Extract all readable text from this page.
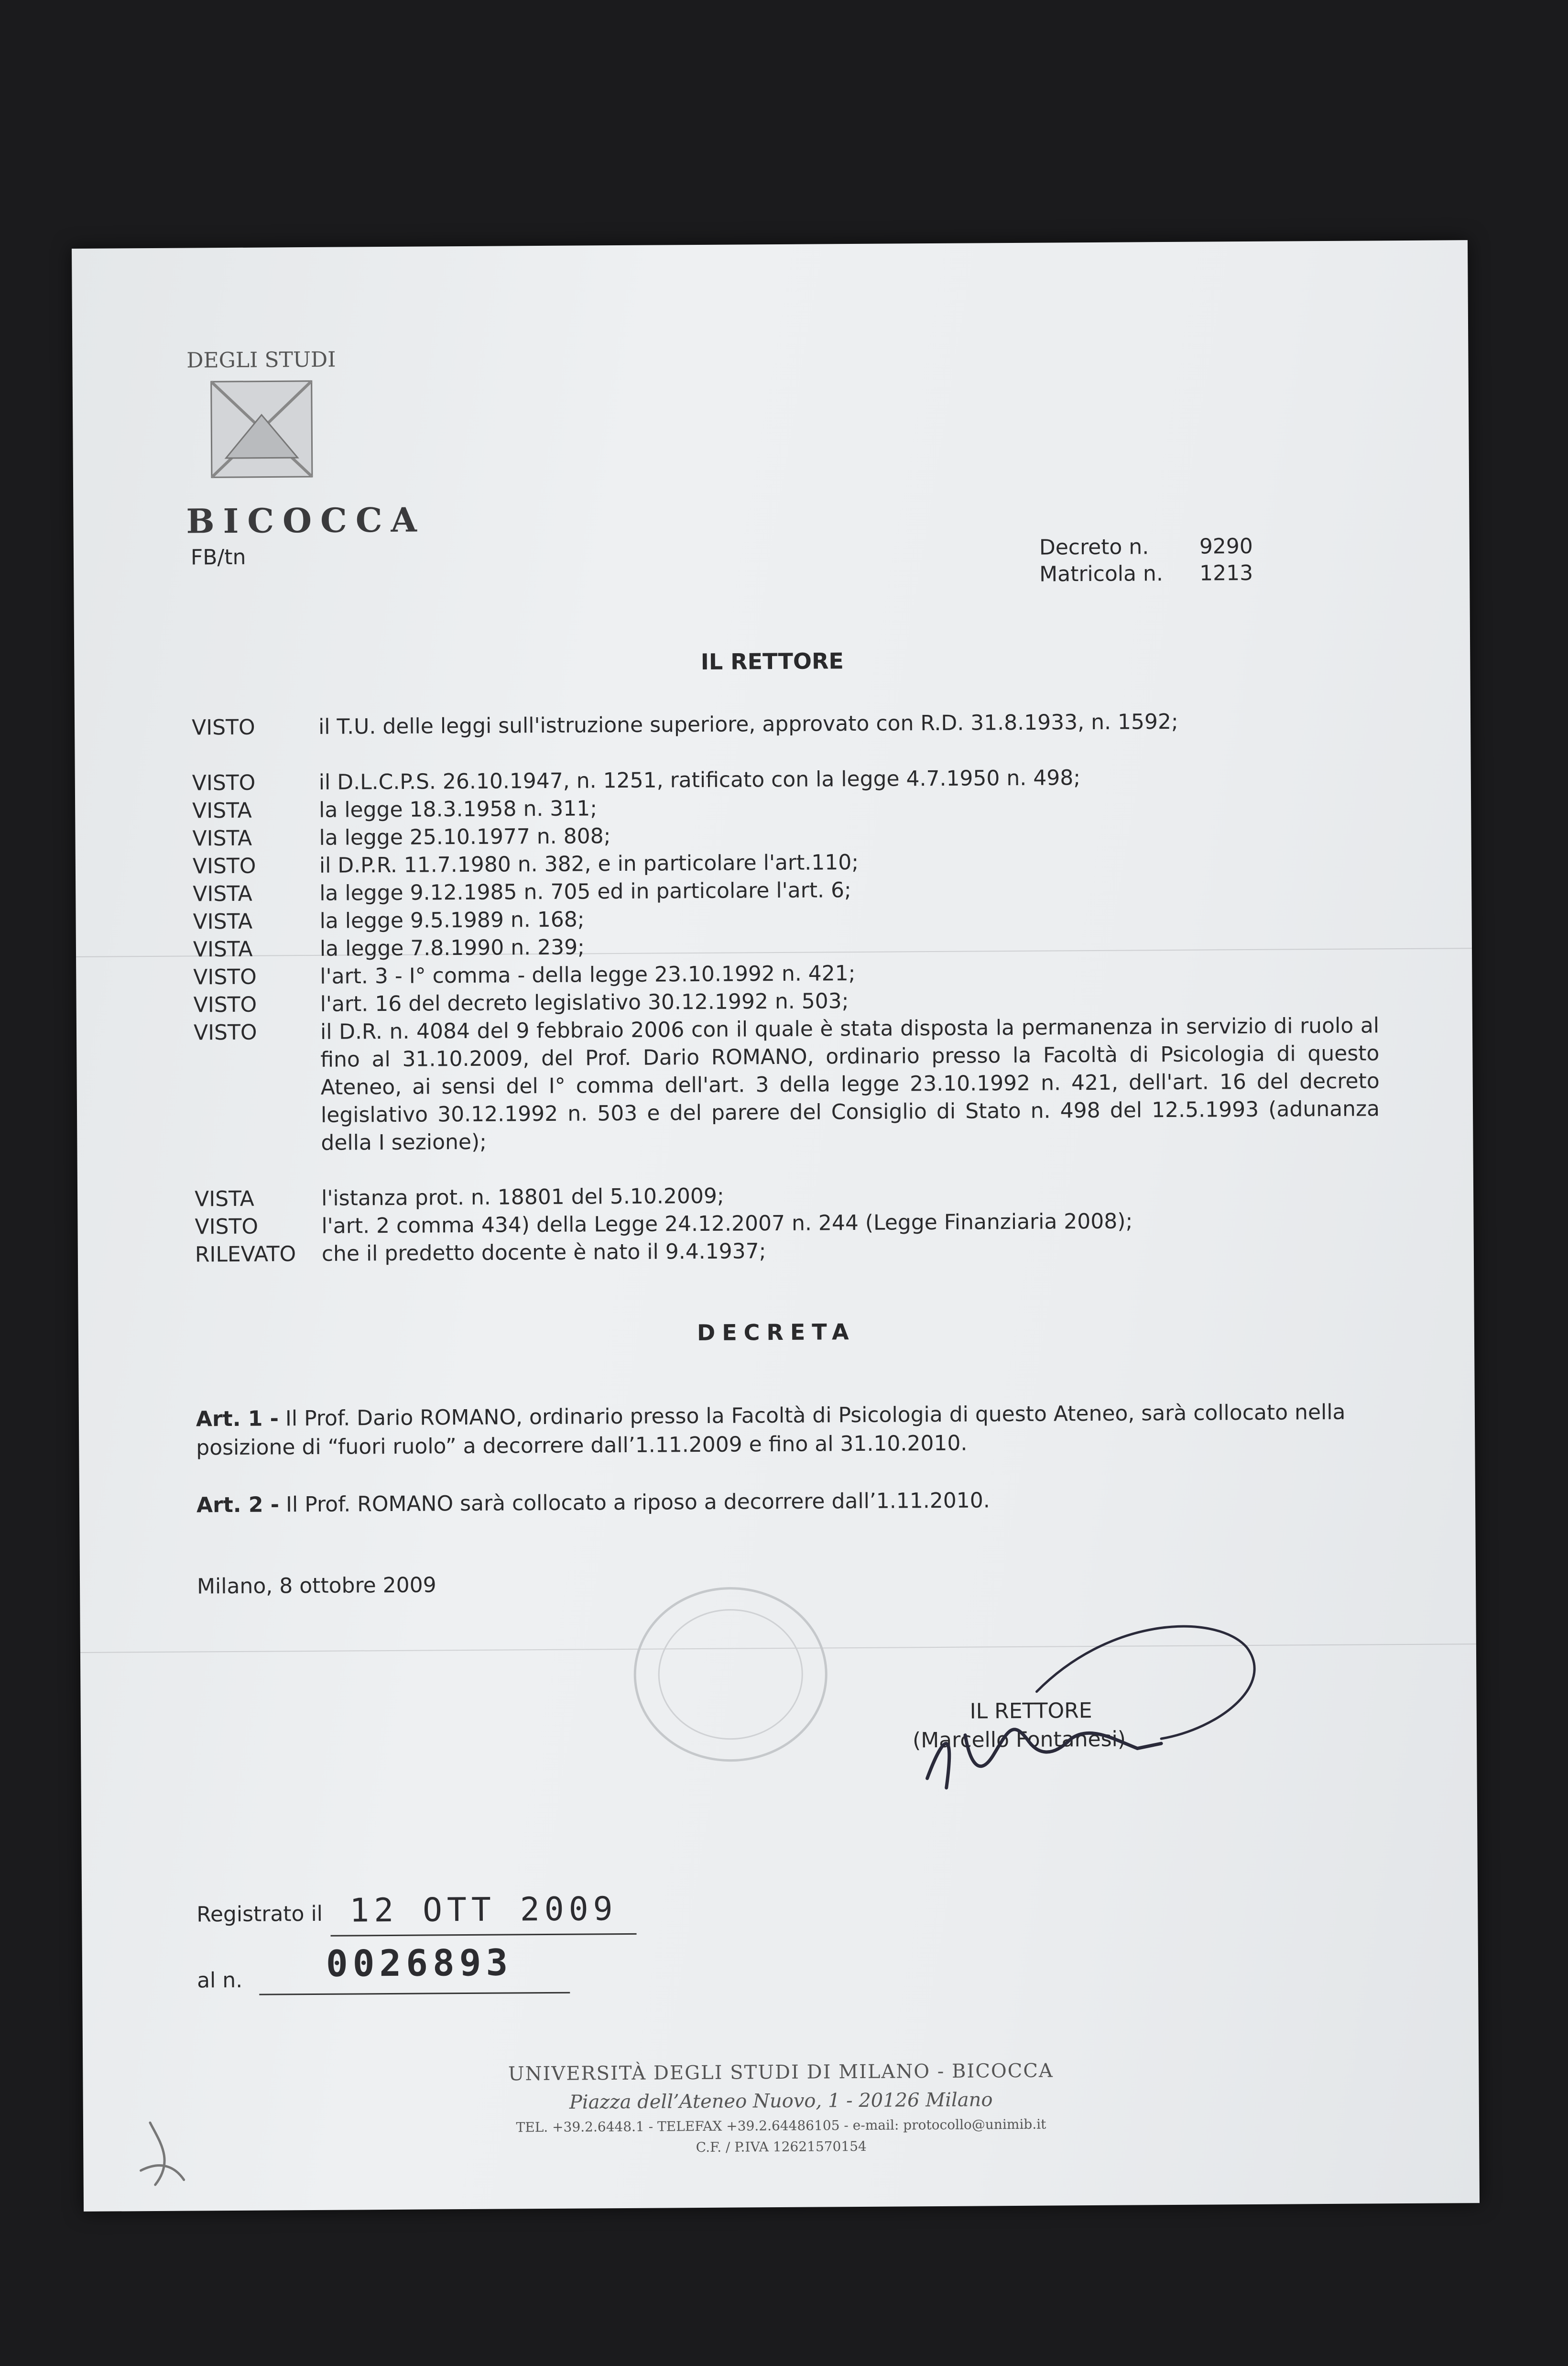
DEGLI STUDI
BICOCCA
FB/tn	Decreto n. 9290
Matricola n. 1213
IL RETTORE
VISTO	il T.U. delle leggi sull'istruzione superiore, approvato con R.D. 31.8.1933, n. 1592;
VISTO	il D.L.C.P.S. 26.10.1947, n. 1251, ratificato con la legge 4.7.1950 n. 498;
VISTA	la legge 18.3.1958 n. 311;
VISTA	la legge 25.10.1977 n. 808;
VISTO	il D.P.R. 11.7.1980 n. 382, e in particolare l'art.110;
VISTA	la legge 9.12.1985 n. 705 ed in particolare l'art. 6;
VISTA	la legge 9.5.1989 n. 168;
VISTA	la legge 7.8.1990 n. 239;
VISTO	l'art. 3 - I° comma - della legge 23.10.1992 n. 421;
VISTO	l'art. 16 del decreto legislativo 30.12.1992 n. 503;
VISTO	il D.R. n. 4084 del 9 febbraio 2006 con il quale è stata disposta la permanenza in servizio di ruolo al fino al 31.10.2009, del Prof. Dario ROMANO, ordinario presso la Facoltà di Psicologia di questo Ateneo, ai sensi del I° comma dell'art. 3 della legge 23.10.1992 n. 421, dell'art. 16 del decreto legislativo 30.12.1992 n. 503 e del parere del Consiglio di Stato n. 498 del 12.5.1993 (adunanza della I sezione);
VISTA	l'istanza prot. n. 18801 del 5.10.2009;
VISTO	l'art. 2 comma 434) della Legge 24.12.2007 n. 244 (Legge Finanziaria 2008);
RILEVATO	che il predetto docente è nato il 9.4.1937;
DECRETA
Art. 1 - Il Prof. Dario ROMANO, ordinario presso la Facoltà di Psicologia di questo Ateneo, sarà collocato nella posizione di “fuori ruolo” a decorrere dall’1.11.2009 e fino al 31.10.2010.
Art. 2 - Il Prof. ROMANO sarà collocato a riposo a decorrere dall’1.11.2010.
Milano, 8 ottobre 2009
IL RETTORE
(Marcello Fontanesi)
Registrato il 12 OTT 2009
al n. 0026893
UNIVERSITÀ DEGLI STUDI DI MILANO - BICOCCA
Piazza dell’Ateneo Nuovo, 1 - 20126 Milano
TEL. +39.2.6448.1 - TELEFAX +39.2.64486105 - e-mail: protocollo@unimib.it
C.F. / P.IVA 12621570154
